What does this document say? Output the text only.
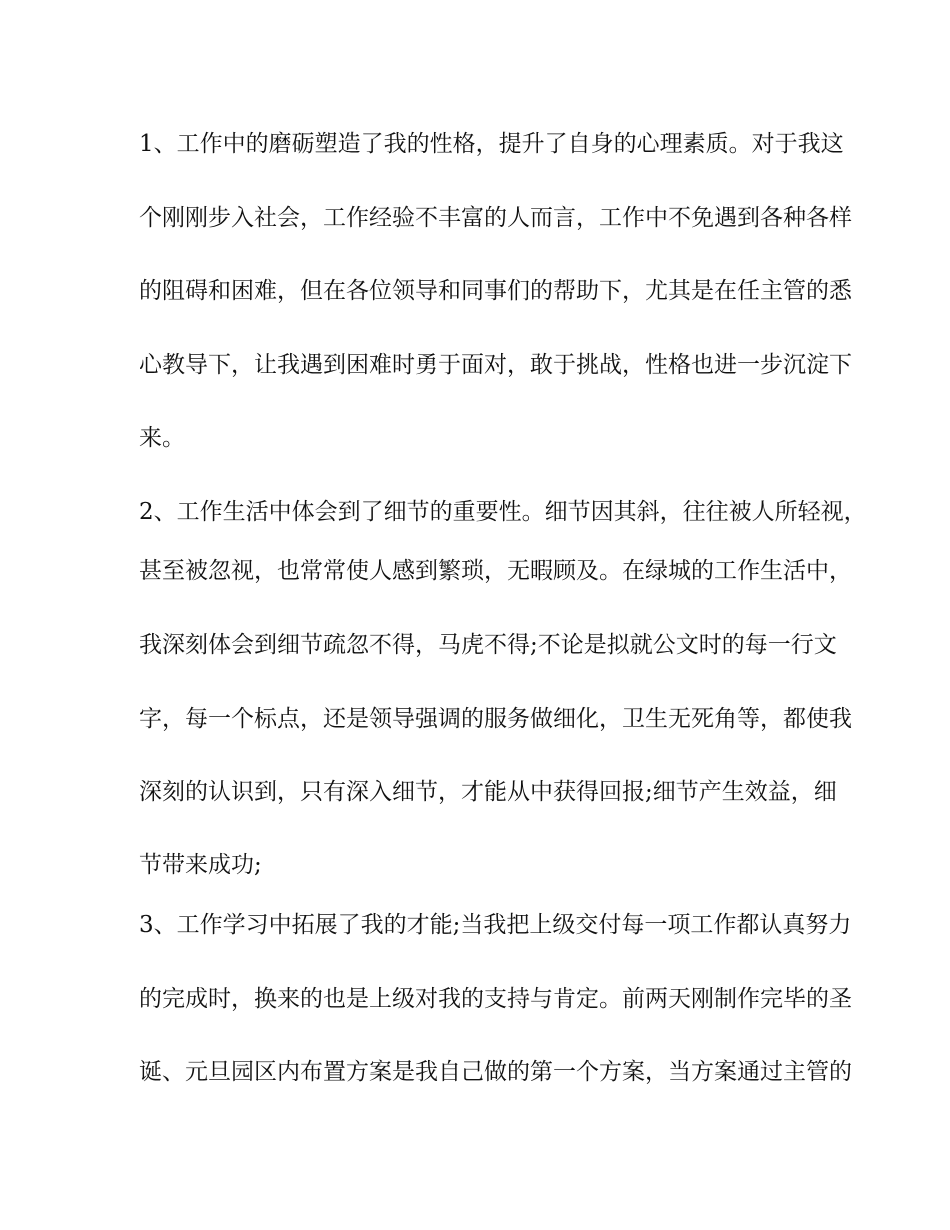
1、工作中的磨砺塑造了我的性格，提升了自身的心理素质。对于我这
个刚刚步入社会，工作经验不丰富的人而言，工作中不免遇到各种各样
的阻碍和困难，但在各位领导和同事们的帮助下，尤其是在任主管的悉
心教导下，让我遇到困难时勇于面对，敢于挑战，性格也进一步沉淀下
来。
2、工作生活中体会到了细节的重要性。细节因其斜，往往被人所轻视，
甚至被忽视，也常常使人感到繁琐，无暇顾及。在绿城的工作生活中，
我深刻体会到细节疏忽不得，马虎不得;不论是拟就公文时的每一行文
字，每一个标点，还是领导强调的服务做细化，卫生无死角等，都使我
深刻的认识到，只有深入细节，才能从中获得回报;细节产生效益，细
节带来成功;
3、工作学习中拓展了我的才能;当我把上级交付每一项工作都认真努力
的完成时，换来的也是上级对我的支持与肯定。前两天刚制作完毕的圣
诞、元旦园区内布置方案是我自己做的第一个方案，当方案通过主管的
